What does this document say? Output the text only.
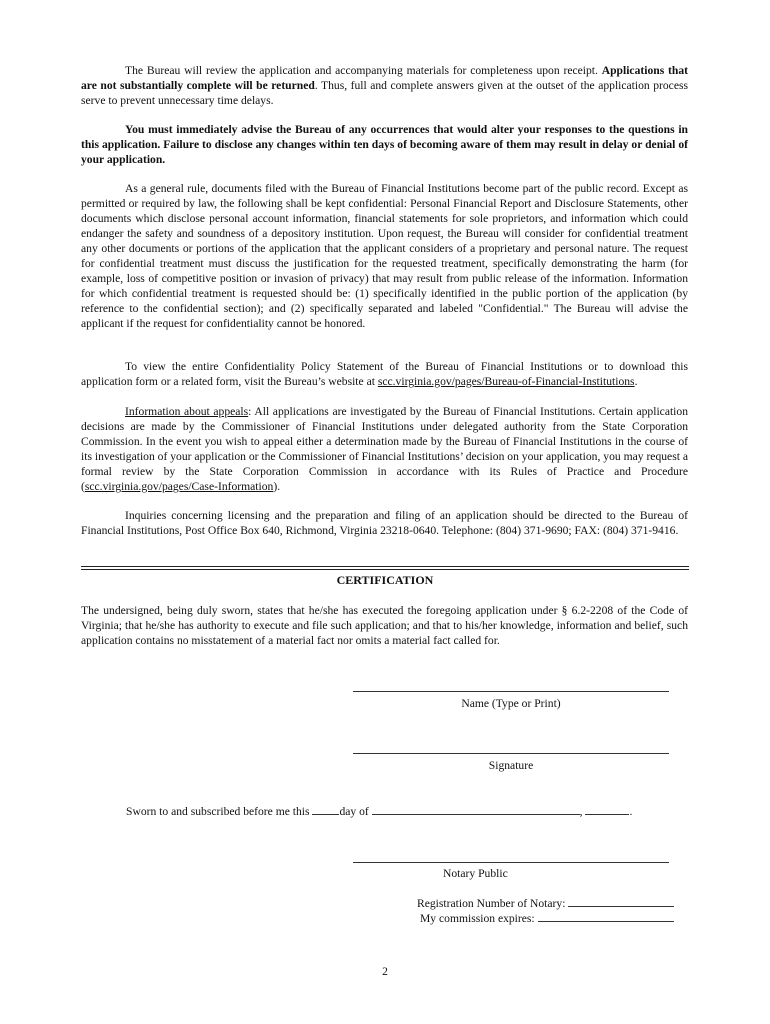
The Bureau will review the application and accompanying materials for completeness upon receipt. Applications that are not substantially complete will be returned. Thus, full and complete answers given at the outset of the application process serve to prevent unnecessary time delays.

You must immediately advise the Bureau of any occurrences that would alter your responses to the questions in this application. Failure to disclose any changes within ten days of becoming aware of them may result in delay or denial of your application.

As a general rule, documents filed with the Bureau of Financial Institutions become part of the public record. Except as permitted or required by law, the following shall be kept confidential: Personal Financial Report and Disclosure Statements, other documents which disclose personal account information, financial statements for sole proprietors, and information which could endanger the safety and soundness of a depository institution. Upon request, the Bureau will consider for confidential treatment any other documents or portions of the application that the applicant considers of a proprietary and personal nature. The request for confidential treatment must discuss the justification for the requested treatment, specifically demonstrating the harm (for example, loss of competitive position or invasion of privacy) that may result from public release of the information. Information for which confidential treatment is requested should be: (1) specifically identified in the public portion of the application (by reference to the confidential section); and (2) specifically separated and labeled "Confidential." The Bureau will advise the applicant if the request for confidentiality cannot be honored.

To view the entire Confidentiality Policy Statement of the Bureau of Financial Institutions or to download this application form or a related form, visit the Bureau’s website at scc.virginia.gov/pages/Bureau-of-Financial-Institutions.

Information about appeals: All applications are investigated by the Bureau of Financial Institutions. Certain application decisions are made by the Commissioner of Financial Institutions under delegated authority from the State Corporation Commission. In the event you wish to appeal either a determination made by the Bureau of Financial Institutions in the course of its investigation of your application or the Commissioner of Financial Institutions’ decision on your application, you may request a formal review by the State Corporation Commission in accordance with its Rules of Practice and Procedure (scc.virginia.gov/pages/Case-Information).

Inquiries concerning licensing and the preparation and filing of an application should be directed to the Bureau of Financial Institutions, Post Office Box 640, Richmond, Virginia 23218-0640. Telephone: (804) 371-9690; FAX: (804) 371-9416.

CERTIFICATION

The undersigned, being duly sworn, states that he/she has executed the foregoing application under § 6.2-2208 of the Code of Virginia; that he/she has authority to execute and file such application; and that to his/her knowledge, information and belief, such application contains no misstatement of a material fact nor omits a material fact called for.

Name (Type or Print)
Signature
Sworn to and subscribed before me this	day of	,	.
Notary Public
Registration Number of Notary:
My commission expires:
2
